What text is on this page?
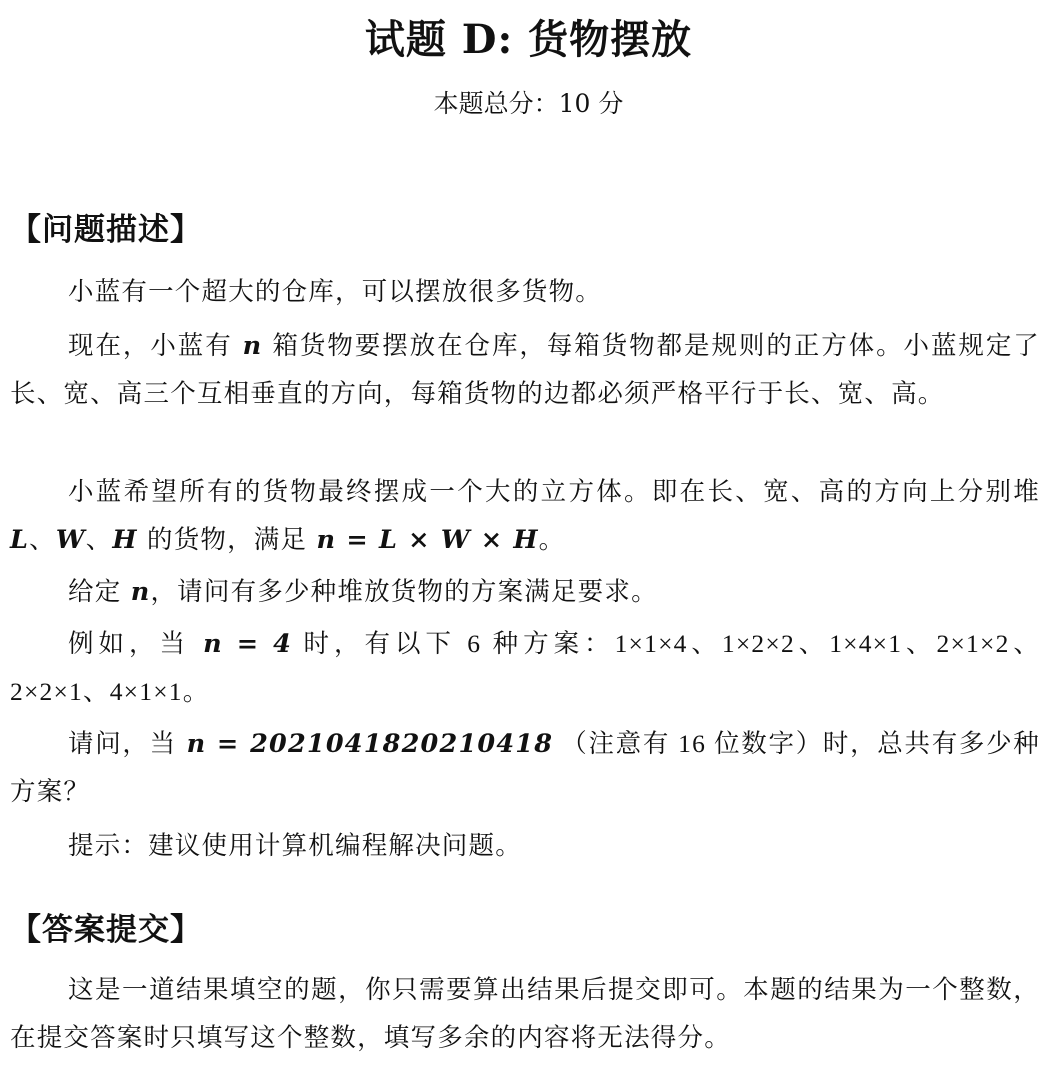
试题 D: 货物摆放
本题总分：10 分
【问题描述】
小蓝有一个超大的仓库，可以摆放很多货物。
现在，小蓝有 n 箱货物要摆放在仓库，每箱货物都是规则的正方体。小蓝规定了长、宽、高三个互相垂直的方向，每箱货物的边都必须严格平行于长、宽、高。
小蓝希望所有的货物最终摆成一个大的立方体。即在长、宽、高的方向上分别堆 L、W、H 的货物，满足 n = L × W × H。
给定 n，请问有多少种堆放货物的方案满足要求。
例如，当 n = 4 时，有以下 6 种方案：1×1×4、1×2×2、1×4×1、2×1×2、2×2×1、4×1×1。
请问，当 n = 2021041820210418 （注意有 16 位数字）时，总共有多少种方案？
提示：建议使用计算机编程解决问题。
【答案提交】
这是一道结果填空的题，你只需要算出结果后提交即可。本题的结果为一个整数，在提交答案时只填写这个整数，填写多余的内容将无法得分。
